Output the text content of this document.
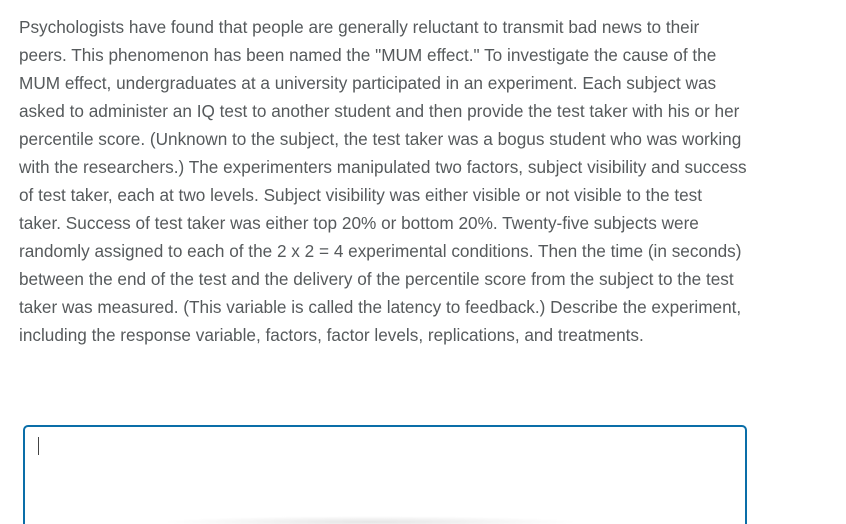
Psychologists have found that people are generally reluctant to transmit bad news to their peers. This phenomenon has been named the "MUM effect." To investigate the cause of the MUM effect, undergraduates at a university participated in an experiment. Each subject was asked to administer an IQ test to another student and then provide the test taker with his or her percentile score. (Unknown to the subject, the test taker was a bogus student who was working with the researchers.) The experimenters manipulated two factors, subject visibility and success of test taker, each at two levels. Subject visibility was either visible or not visible to the test taker. Success of test taker was either top 20% or bottom 20%. Twenty-five subjects were randomly assigned to each of the 2 x 2 = 4 experimental conditions. Then the time (in seconds) between the end of the test and the delivery of the percentile score from the subject to the test taker was measured. (This variable is called the latency to feedback.) Describe the experiment, including the response variable, factors, factor levels, replications, and treatments.
